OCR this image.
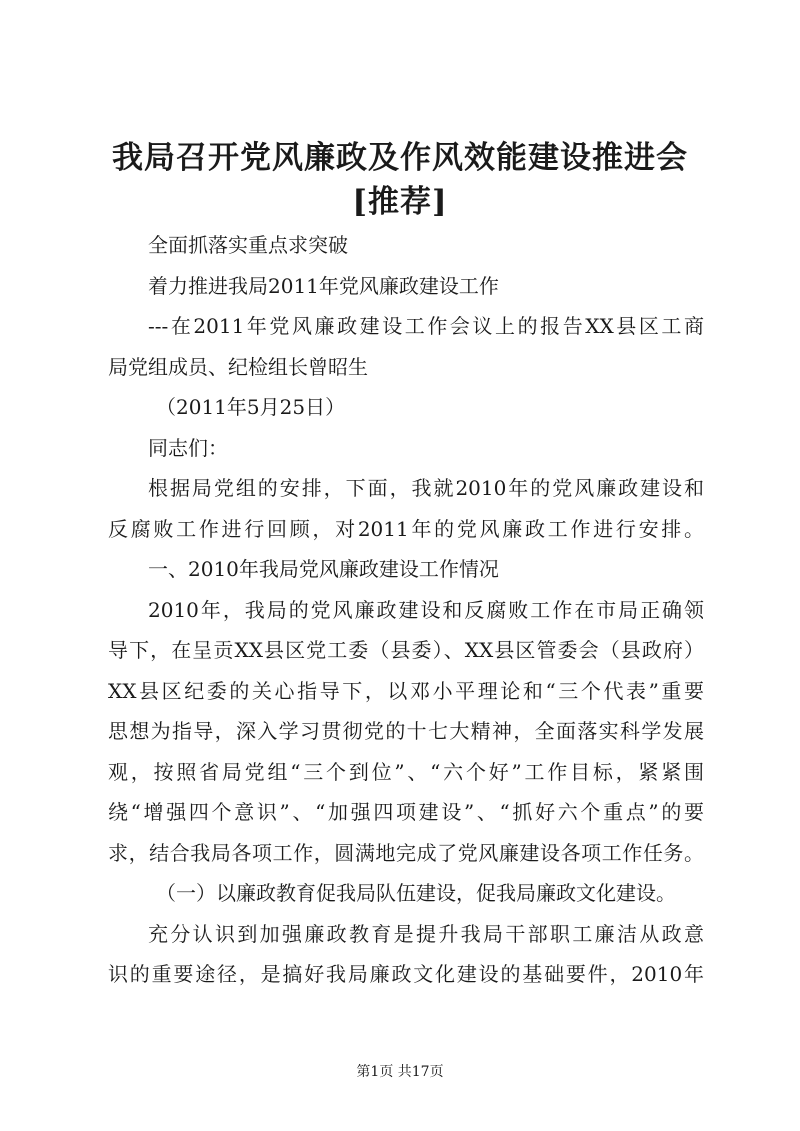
我局召开党风廉政及作风效能建设推进会[推荐]
全面抓落实重点求突破
着力推进我局2011年党风廉政建设工作
---在2011年党风廉政建设工作会议上的报告XX县区工商
局党组成员、纪检组长曾昭生
（2011年5月25日）
同志们：
根据局党组的安排，下面，我就2010年的党风廉政建设和
反腐败工作进行回顾，对2011年的党风廉政工作进行安排。
一、2010年我局党风廉政建设工作情况
2010年，我局的党风廉政建设和反腐败工作在市局正确领
导下，在呈贡XX县区党工委（县委）、XX县区管委会（县政府）
XX县区纪委的关心指导下，以邓小平理论和“三个代表”重要
思想为指导，深入学习贯彻党的十七大精神，全面落实科学发展
观，按照省局党组“三个到位”、“六个好”工作目标，紧紧围
绕“增强四个意识”、“加强四项建设”、“抓好六个重点”的要
求，结合我局各项工作，圆满地完成了党风廉建设各项工作任务。
（一）以廉政教育促我局队伍建设，促我局廉政文化建设。
充分认识到加强廉政教育是提升我局干部职工廉洁从政意
识的重要途径，是搞好我局廉政文化建设的基础要件，2010年
第1页 共17页
